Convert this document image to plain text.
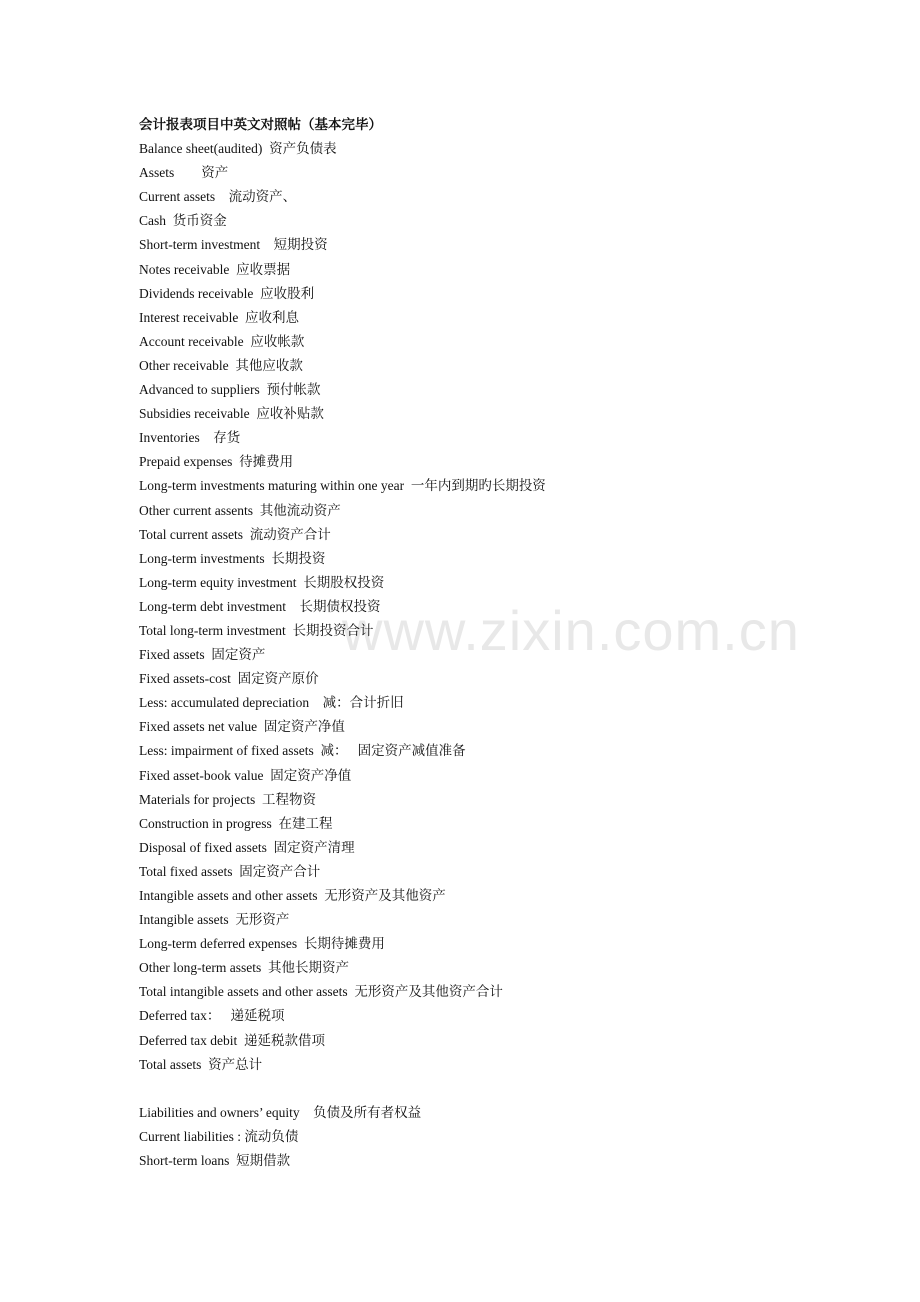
www.zixin.com.cn
会计报表项目中英文对照帖（基本完毕）
Balance sheet(audited)  资产负债表
Assets        资产
Current assets    流动资产、
Cash  货币资金
Short-term investment    短期投资
Notes receivable  应收票据
Dividends receivable  应收股利
Interest receivable  应收利息
Account receivable  应收帐款
Other receivable  其他应收款
Advanced to suppliers  预付帐款
Subsidies receivable  应收补贴款
Inventories    存货
Prepaid expenses  待摊费用
Long-term investments maturing within one year  一年内到期旳长期投资
Other current assents  其他流动资产
Total current assets  流动资产合计
Long-term investments  长期投资
Long-term equity investment  长期股权投资
Long-term debt investment    长期债权投资
Total long-term investment  长期投资合计
Fixed assets  固定资产
Fixed assets-cost  固定资产原价
Less: accumulated depreciation    减：合计折旧
Fixed assets net value  固定资产净值
Less: impairment of fixed assets  减：   固定资产减值准备
Fixed asset-book value  固定资产净值
Materials for projects  工程物资
Construction in progress  在建工程
Disposal of fixed assets  固定资产清理
Total fixed assets  固定资产合计
Intangible assets and other assets  无形资产及其他资产
Intangible assets  无形资产
Long-term deferred expenses  长期待摊费用
Other long-term assets  其他长期资产
Total intangible assets and other assets  无形资产及其他资产合计
Deferred tax：   递延税项
Deferred tax debit  递延税款借项
Total assets  资产总计
Liabilities and owners’ equity    负债及所有者权益
Current liabilities : 流动负债
Short-term loans  短期借款
